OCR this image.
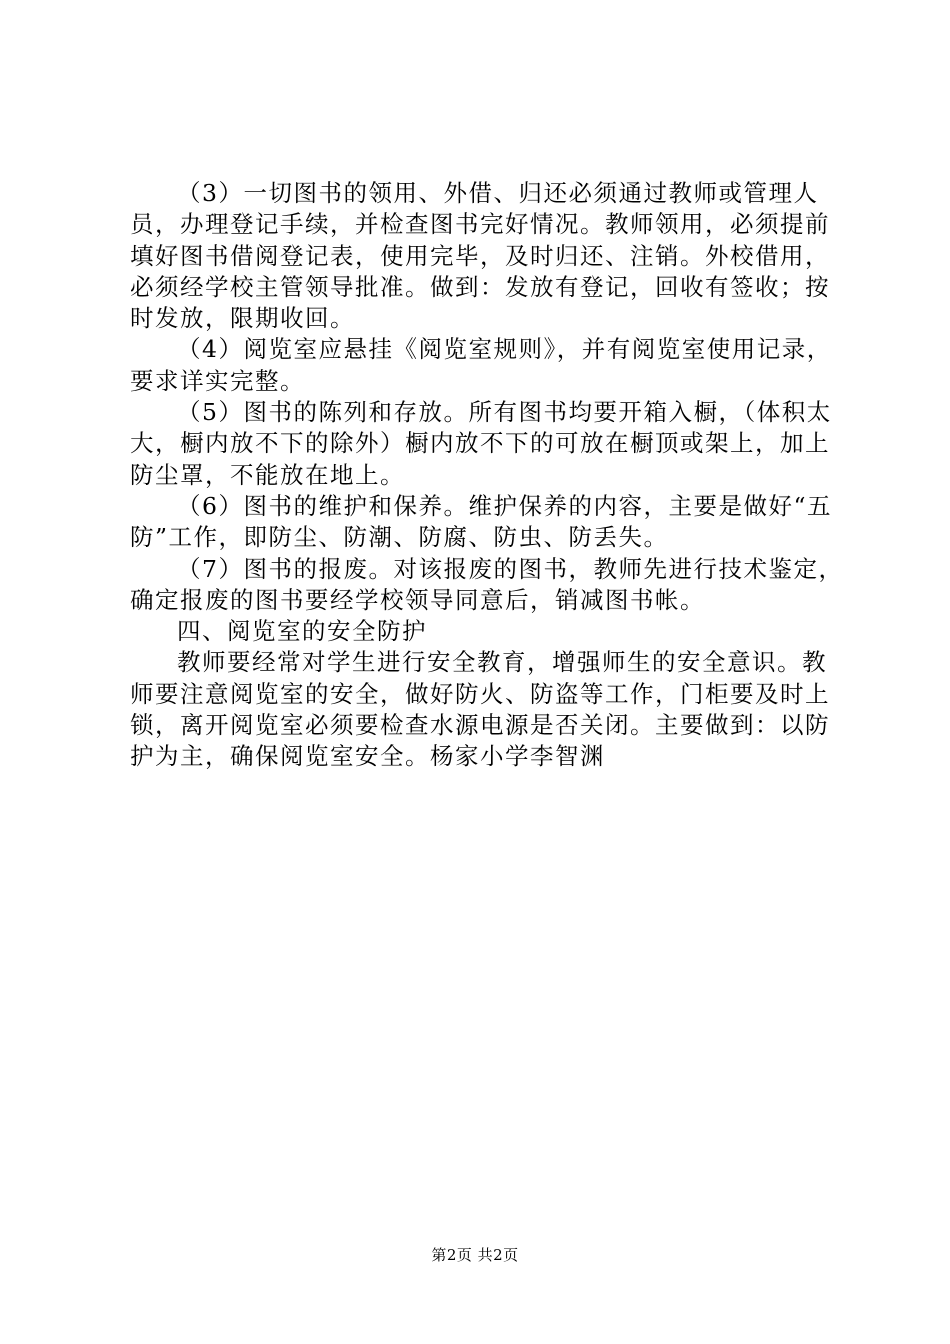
（3）一切图书的领用、外借、归还必须通过教师或管理人员，办理登记手续，并检查图书完好情况。教师领用，必须提前填好图书借阅登记表，使用完毕，及时归还、注销。外校借用，必须经学校主管领导批准。做到：发放有登记，回收有签收；按时发放，限期收回。

（4）阅览室应悬挂《阅览室规则》，并有阅览室使用记录，要求详实完整。

（5）图书的陈列和存放。所有图书均要开箱入橱，（体积太大，橱内放不下的除外）橱内放不下的可放在橱顶或架上，加上防尘罩，不能放在地上。

（6）图书的维护和保养。维护保养的内容，主要是做好“五防”工作，即防尘、防潮、防腐、防虫、防丢失。

（7）图书的报废。对该报废的图书，教师先进行技术鉴定，确定报废的图书要经学校领导同意后，销减图书帐。

四、阅览室的安全防护

教师要经常对学生进行安全教育，增强师生的安全意识。教师要注意阅览室的安全，做好防火、防盗等工作，门柜要及时上锁，离开阅览室必须要检查水源电源是否关闭。主要做到：以防护为主，确保阅览室安全。杨家小学李智渊

第2页 共2页
